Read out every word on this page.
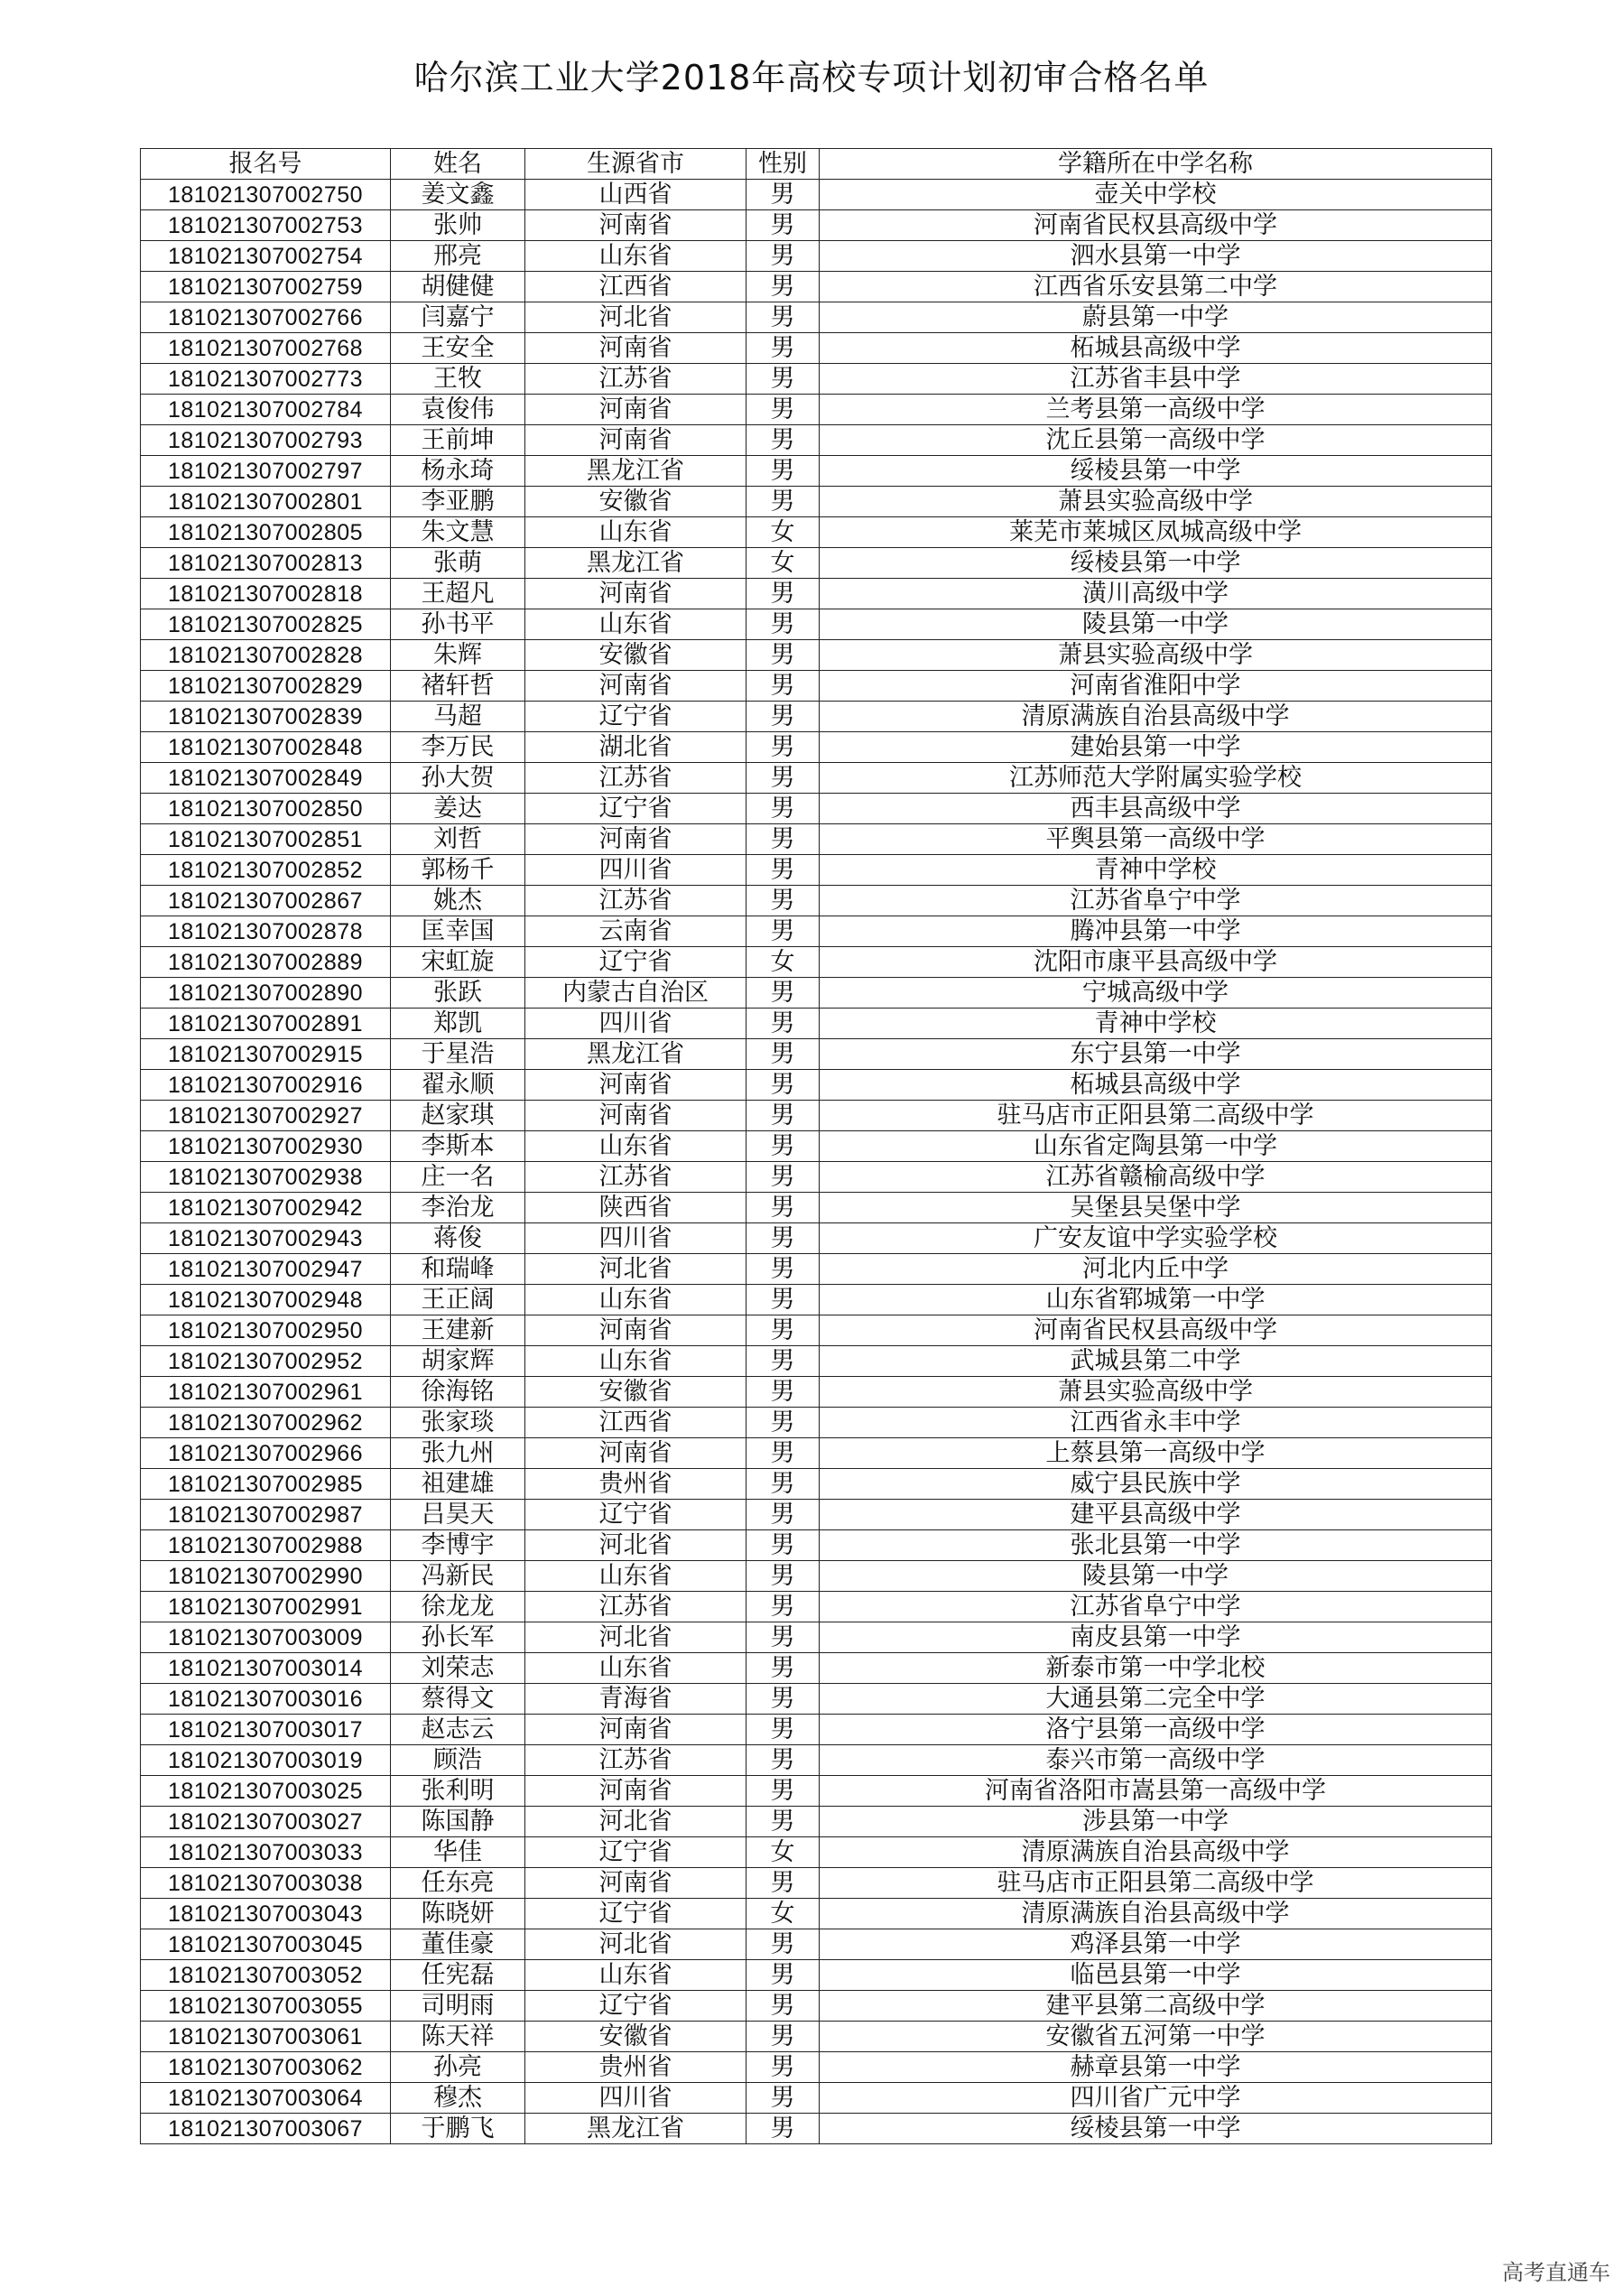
哈尔滨工业大学2018年高校专项计划初审合格名单
报名号	姓名	生源省市	性别	学籍所在中学名称
181021307002750	姜文鑫	山西省	男	壶关中学校
181021307002753	张帅	河南省	男	河南省民权县高级中学
181021307002754	邢亮	山东省	男	泗水县第一中学
181021307002759	胡健健	江西省	男	江西省乐安县第二中学
181021307002766	闫嘉宁	河北省	男	蔚县第一中学
181021307002768	王安全	河南省	男	柘城县高级中学
181021307002773	王牧	江苏省	男	江苏省丰县中学
181021307002784	袁俊伟	河南省	男	兰考县第一高级中学
181021307002793	王前坤	河南省	男	沈丘县第一高级中学
181021307002797	杨永琦	黑龙江省	男	绥棱县第一中学
181021307002801	李亚鹏	安徽省	男	萧县实验高级中学
181021307002805	朱文慧	山东省	女	莱芜市莱城区凤城高级中学
181021307002813	张萌	黑龙江省	女	绥棱县第一中学
181021307002818	王超凡	河南省	男	潢川高级中学
181021307002825	孙书平	山东省	男	陵县第一中学
181021307002828	朱辉	安徽省	男	萧县实验高级中学
181021307002829	褚轩哲	河南省	男	河南省淮阳中学
181021307002839	马超	辽宁省	男	清原满族自治县高级中学
181021307002848	李万民	湖北省	男	建始县第一中学
181021307002849	孙大贺	江苏省	男	江苏师范大学附属实验学校
181021307002850	姜达	辽宁省	男	西丰县高级中学
181021307002851	刘哲	河南省	男	平舆县第一高级中学
181021307002852	郭杨千	四川省	男	青神中学校
181021307002867	姚杰	江苏省	男	江苏省阜宁中学
181021307002878	匡幸国	云南省	男	腾冲县第一中学
181021307002889	宋虹旋	辽宁省	女	沈阳市康平县高级中学
181021307002890	张跃	内蒙古自治区	男	宁城高级中学
181021307002891	郑凯	四川省	男	青神中学校
181021307002915	于星浩	黑龙江省	男	东宁县第一中学
181021307002916	翟永顺	河南省	男	柘城县高级中学
181021307002927	赵家琪	河南省	男	驻马店市正阳县第二高级中学
181021307002930	李斯本	山东省	男	山东省定陶县第一中学
181021307002938	庄一名	江苏省	男	江苏省赣榆高级中学
181021307002942	李治龙	陕西省	男	吴堡县吴堡中学
181021307002943	蒋俊	四川省	男	广安友谊中学实验学校
181021307002947	和瑞峰	河北省	男	河北内丘中学
181021307002948	王正阔	山东省	男	山东省郓城第一中学
181021307002950	王建新	河南省	男	河南省民权县高级中学
181021307002952	胡家辉	山东省	男	武城县第二中学
181021307002961	徐海铭	安徽省	男	萧县实验高级中学
181021307002962	张家琰	江西省	男	江西省永丰中学
181021307002966	张九州	河南省	男	上蔡县第一高级中学
181021307002985	祖建雄	贵州省	男	威宁县民族中学
181021307002987	吕昊天	辽宁省	男	建平县高级中学
181021307002988	李博宇	河北省	男	张北县第一中学
181021307002990	冯新民	山东省	男	陵县第一中学
181021307002991	徐龙龙	江苏省	男	江苏省阜宁中学
181021307003009	孙长军	河北省	男	南皮县第一中学
181021307003014	刘荣志	山东省	男	新泰市第一中学北校
181021307003016	蔡得文	青海省	男	大通县第二完全中学
181021307003017	赵志云	河南省	男	洛宁县第一高级中学
181021307003019	顾浩	江苏省	男	泰兴市第一高级中学
181021307003025	张利明	河南省	男	河南省洛阳市嵩县第一高级中学
181021307003027	陈国静	河北省	男	涉县第一中学
181021307003033	华佳	辽宁省	女	清原满族自治县高级中学
181021307003038	任东亮	河南省	男	驻马店市正阳县第二高级中学
181021307003043	陈晓妍	辽宁省	女	清原满族自治县高级中学
181021307003045	董佳豪	河北省	男	鸡泽县第一中学
181021307003052	任宪磊	山东省	男	临邑县第一中学
181021307003055	司明雨	辽宁省	男	建平县第二高级中学
181021307003061	陈天祥	安徽省	男	安徽省五河第一中学
181021307003062	孙亮	贵州省	男	赫章县第一中学
181021307003064	穆杰	四川省	男	四川省广元中学
181021307003067	于鹏飞	黑龙江省	男	绥棱县第一中学
高考直通车
